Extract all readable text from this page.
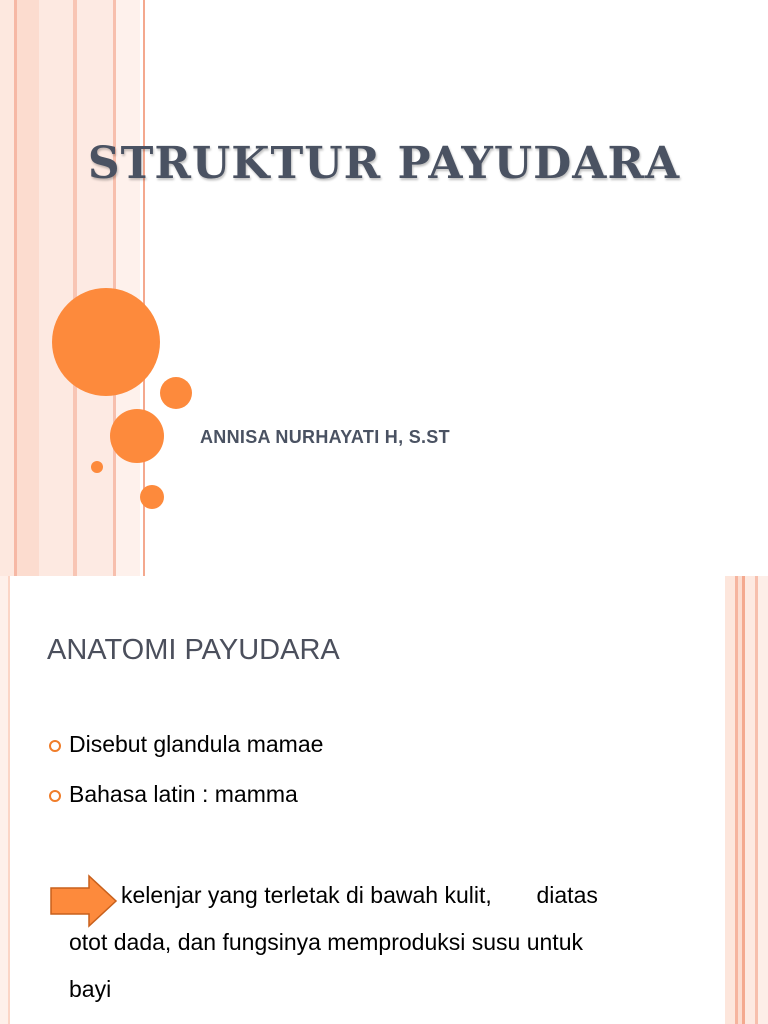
STRUKTUR PAYUDARA
ANNISA NURHAYATI H, S.ST
ANATOMI PAYUDARA
Disebut glandula mamae
Bahasa latin : mamma

kelenjar yang terletak di bawah kulit,       diatas

otot dada, dan fungsinya memproduksi susu untuk

bayi
